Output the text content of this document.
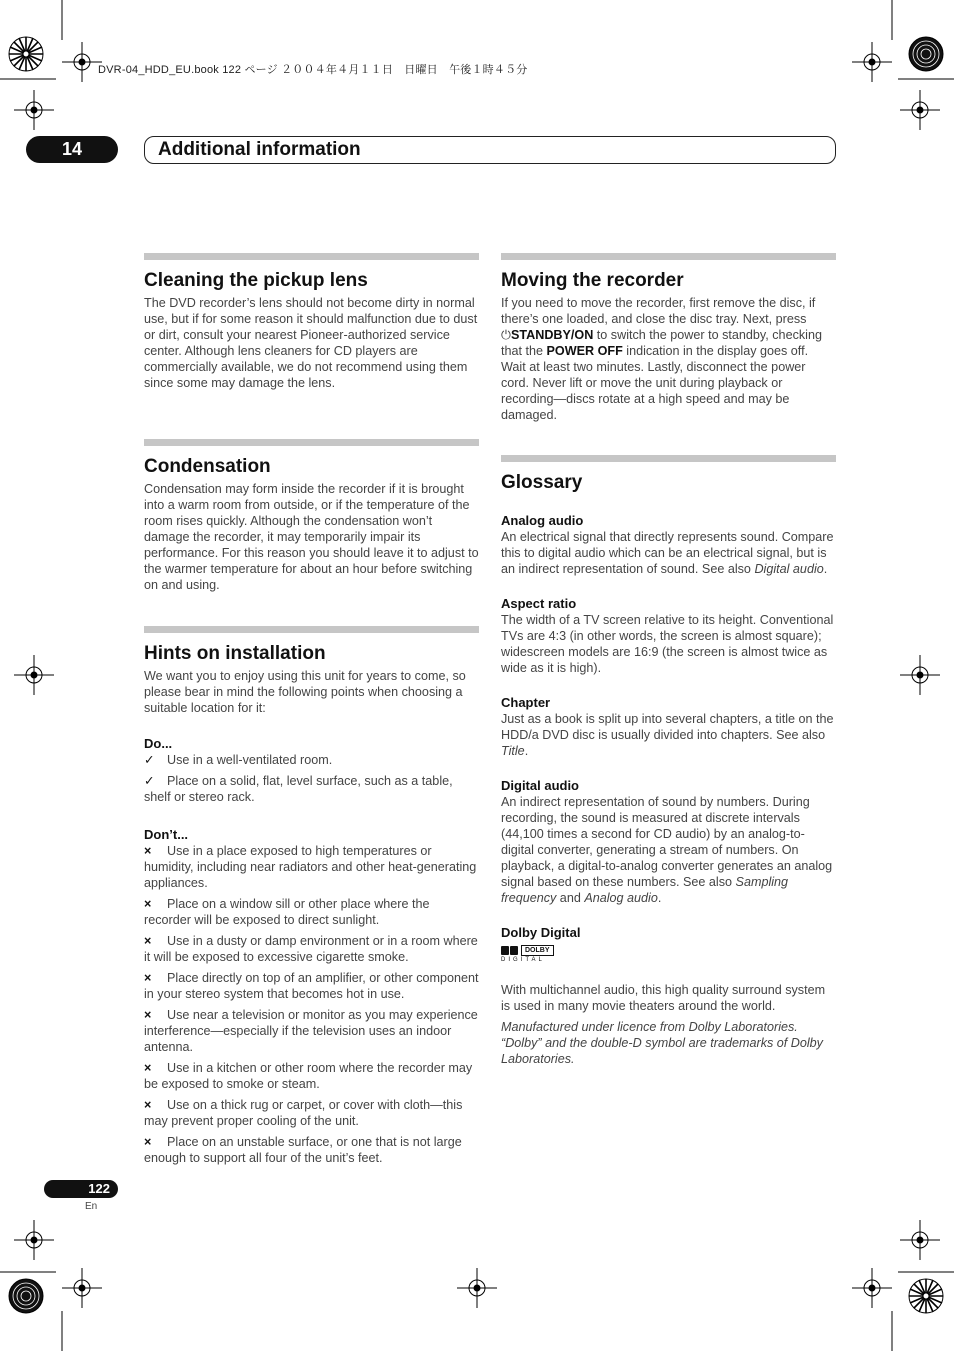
DVR-04_HDD_EU.book 122 ページ ２００４年４月１１日　日曜日　午後１時４５分
14	Additional information
Cleaning the pickup lens

The DVD recorder’s lens should not become dirty in normal use, but if for some reason it should malfunction due to dust or dirt, consult your nearest Pioneer-authorized service center. Although lens cleaners for CD players are commercially available, we do not recommend using them since some may damage the lens.

Condensation

Condensation may form inside the recorder if it is brought into a warm room from outside, or if the temperature of the room rises quickly. Although the condensation won’t damage the recorder, it may temporarily impair its performance. For this reason you should leave it to adjust to the warmer temperature for about an hour before switching on and using.

Hints on installation

We want you to enjoy using this unit for years to come, so please bear in mind the following points when choosing a suitable location for it:

Do...

✓ Use in a well-ventilated room.

✓ Place on a solid, flat, level surface, such as a table, shelf or stereo rack.

Don’t...

× Use in a place exposed to high temperatures or humidity, including near radiators and other heat-generating appliances.

× Place on a window sill or other place where the recorder will be exposed to direct sunlight.

× Use in a dusty or damp environment or in a room where it will be exposed to excessive cigarette smoke.

× Place directly on top of an amplifier, or other component in your stereo system that becomes hot in use.

× Use near a television or monitor as you may experience interference—especially if the television uses an indoor antenna.

× Use in a kitchen or other room where the recorder may be exposed to smoke or steam.

× Use on a thick rug or carpet, or cover with cloth—this may prevent proper cooling of the unit.

× Place on an unstable surface, or one that is not large enough to support all four of the unit’s feet.

Moving the recorder

If you need to move the recorder, first remove the disc, if there’s one loaded, and close the disc tray. Next, press ⏻STANDBY/ON to switch the power to standby, checking that the POWER OFF indication in the display goes off. Wait at least two minutes. Lastly, disconnect the power cord. Never lift or move the unit during playback or recording—discs rotate at a high speed and may be damaged.

Glossary

Analog audio

An electrical signal that directly represents sound. Compare this to digital audio which can be an electrical signal, but is an indirect representation of sound. See also Digital audio.

Aspect ratio

The width of a TV screen relative to its height. Conventional TVs are 4:3 (in other words, the screen is almost square); widescreen models are 16:9 (the screen is almost twice as wide as it is high).

Chapter

Just as a book is split up into several chapters, a title on the HDD/a DVD disc is usually divided into chapters. See also Title.

Digital audio

An indirect representation of sound by numbers. During recording, the sound is measured at discrete intervals (44,100 times a second for CD audio) by an analog-to-digital converter, generating a stream of numbers. On playback, a digital-to-analog converter generates an analog signal based on these numbers. See also Sampling frequency and Analog audio.

Dolby Digital

DOLBY
DIGITAL

With multichannel audio, this high quality surround system is used in many movie theaters around the world.

Manufactured under licence from Dolby Laboratories. “Dolby” and the double-D symbol are trademarks of Dolby Laboratories.

122
En
